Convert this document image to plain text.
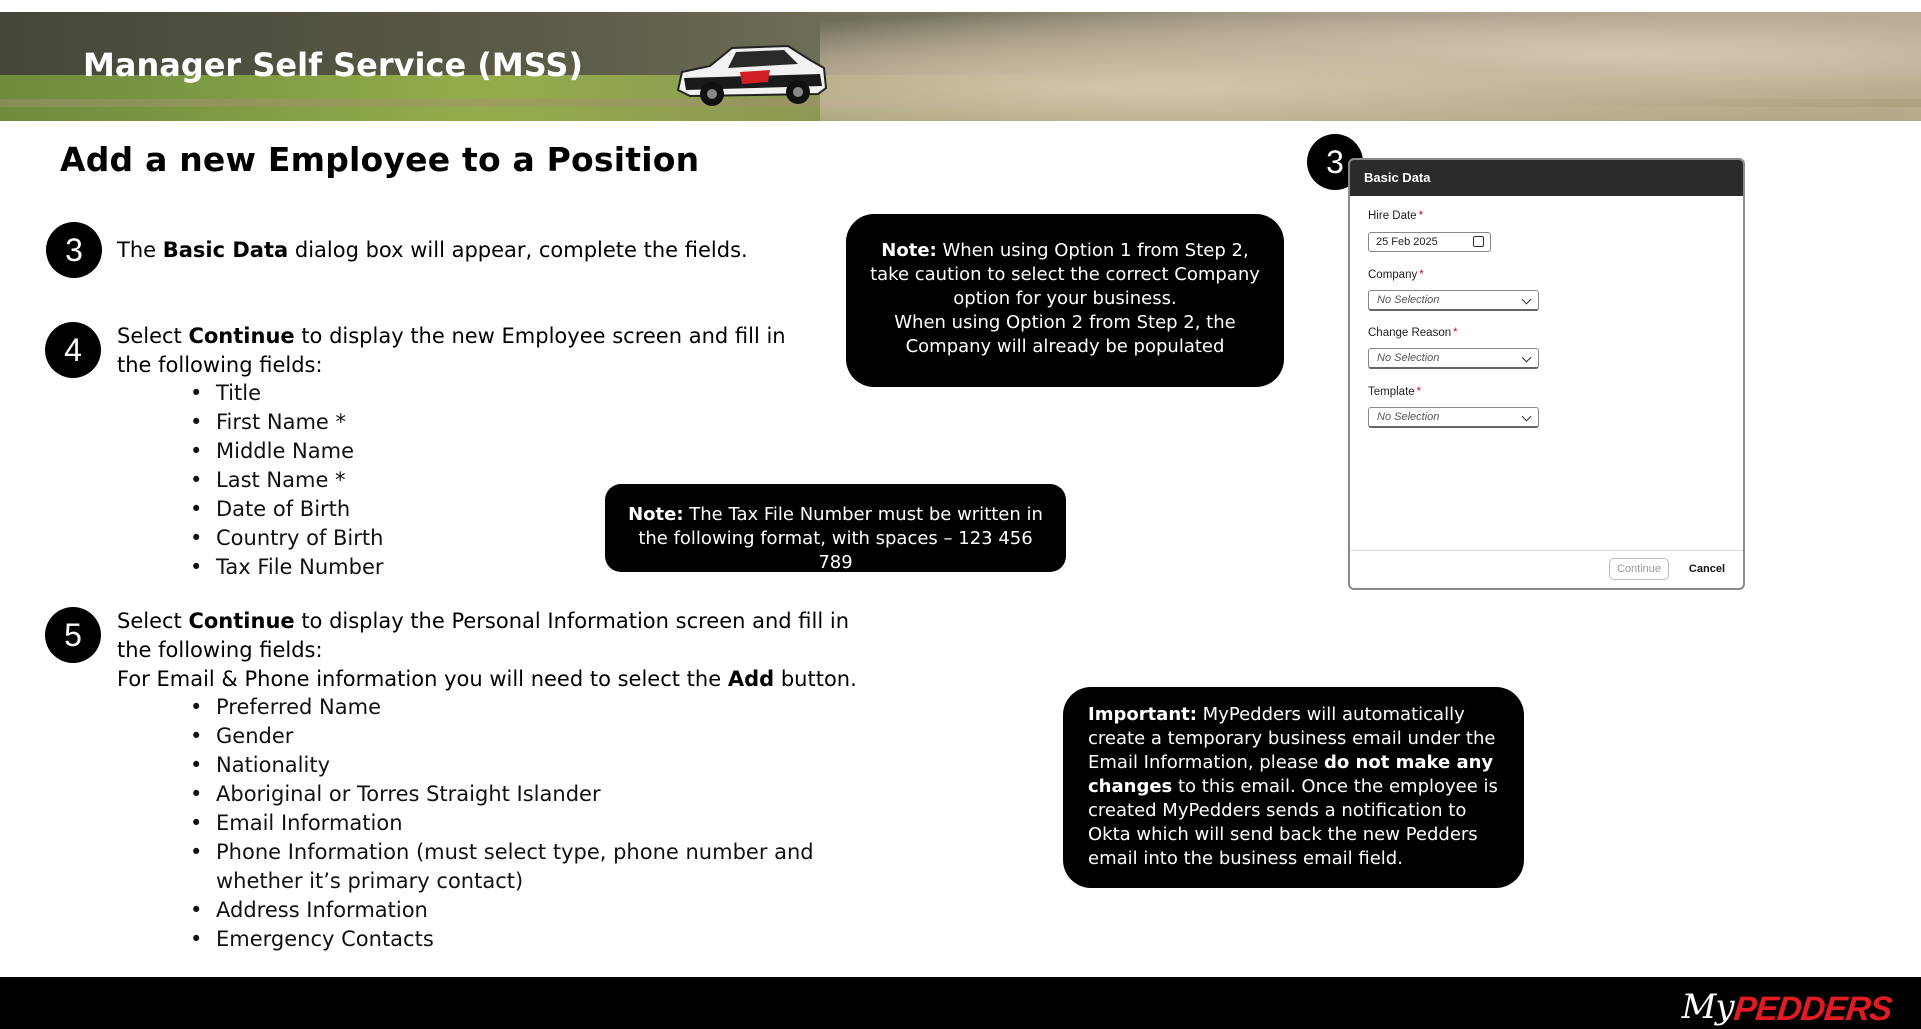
Manager Self Service (MSS)
Add a new Employee to a Position
3	The Basic Data dialog box will appear, complete the fields.
4	Select Continue to display the new Employee screen and fill in the following fields:
• Title
• First Name *
• Middle Name
• Last Name *
• Date of Birth
• Country of Birth
• Tax File Number
5	Select Continue to display the Personal Information screen and fill in the following fields:
For Email & Phone information you will need to select the Add button.
• Preferred Name
• Gender
• Nationality
• Aboriginal or Torres Straight Islander
• Email Information
• Phone Information (must select type, phone number and
whether it’s primary contact)
• Address Information
• Emergency Contacts
Note: When using Option 1 from Step 2, take caution to select the correct Company option for your business.
When using Option 2 from Step 2, the Company will already be populated
Note: The Tax File Number must be written in the following format, with spaces – 123 456 789
Important: MyPedders will automatically create a temporary business email under the Email Information, please do not make any changes to this email. Once the employee is created MyPedders sends a notification to Okta which will send back the new Pedders email into the business email field.
3	Basic Data
Hire Date *
25 Feb 2025
Company *
No Selection
Change Reason *
No Selection
Template *
No Selection
Continue	Cancel
My
PEDDERS
